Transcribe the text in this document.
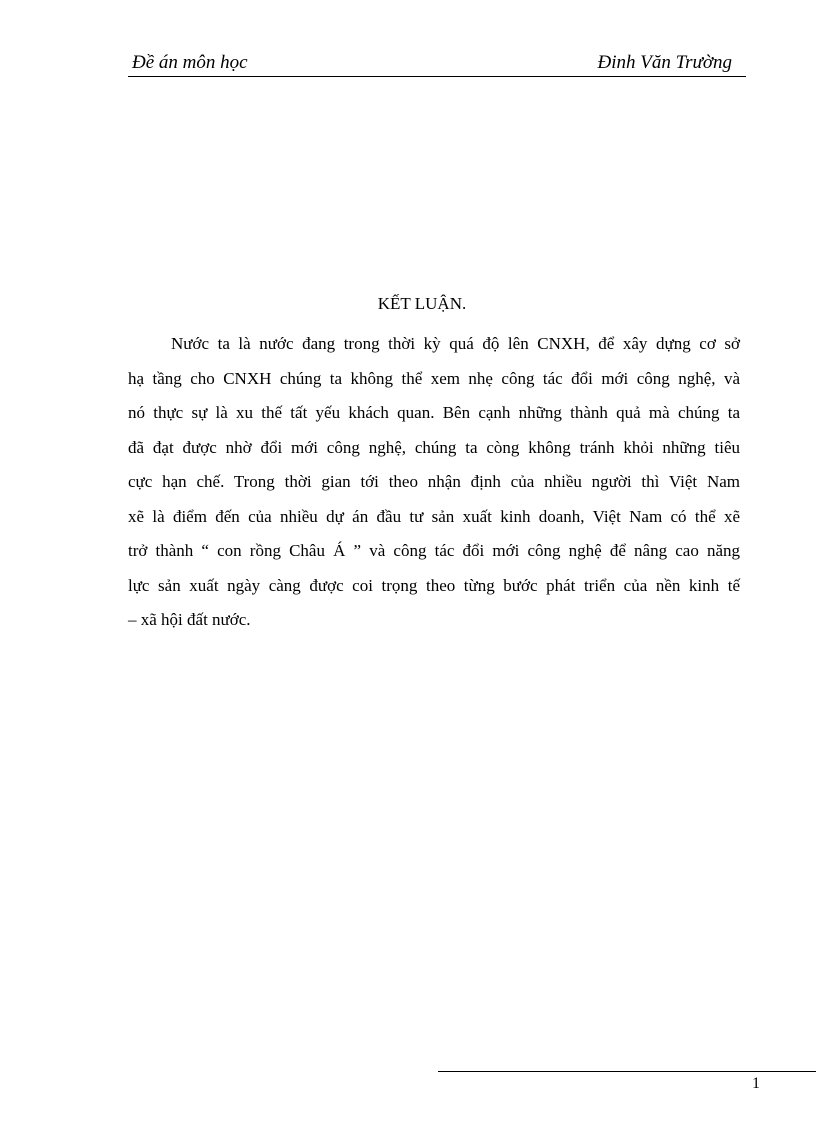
Đề án môn học	Đinh Văn Trường
KẾT LUẬN.
Nước ta là nước đang trong thời kỳ quá độ lên CNXH, để xây dựng cơ sở
hạ tầng cho CNXH chúng ta không thể xem nhẹ công tác đổi mới công nghệ, và
nó thực sự là xu thế tất yếu khách quan. Bên cạnh những thành quả mà chúng ta
đã đạt được nhờ đổi mới công nghệ, chúng ta còng không tránh khỏi những tiêu
cực hạn chế. Trong thời gian tới theo nhận định của nhiều người thì Việt Nam
xẽ là điểm đến của nhiều dự án đầu tư sản xuất kinh doanh, Việt Nam có thể xẽ
trở thành “ con rồng Châu Á ” và công tác đổi mới công nghệ để nâng cao năng
lực sản xuất ngày càng được coi trọng theo từng bước phát triển của nền kinh tế
– xã hội đất nước.
1
